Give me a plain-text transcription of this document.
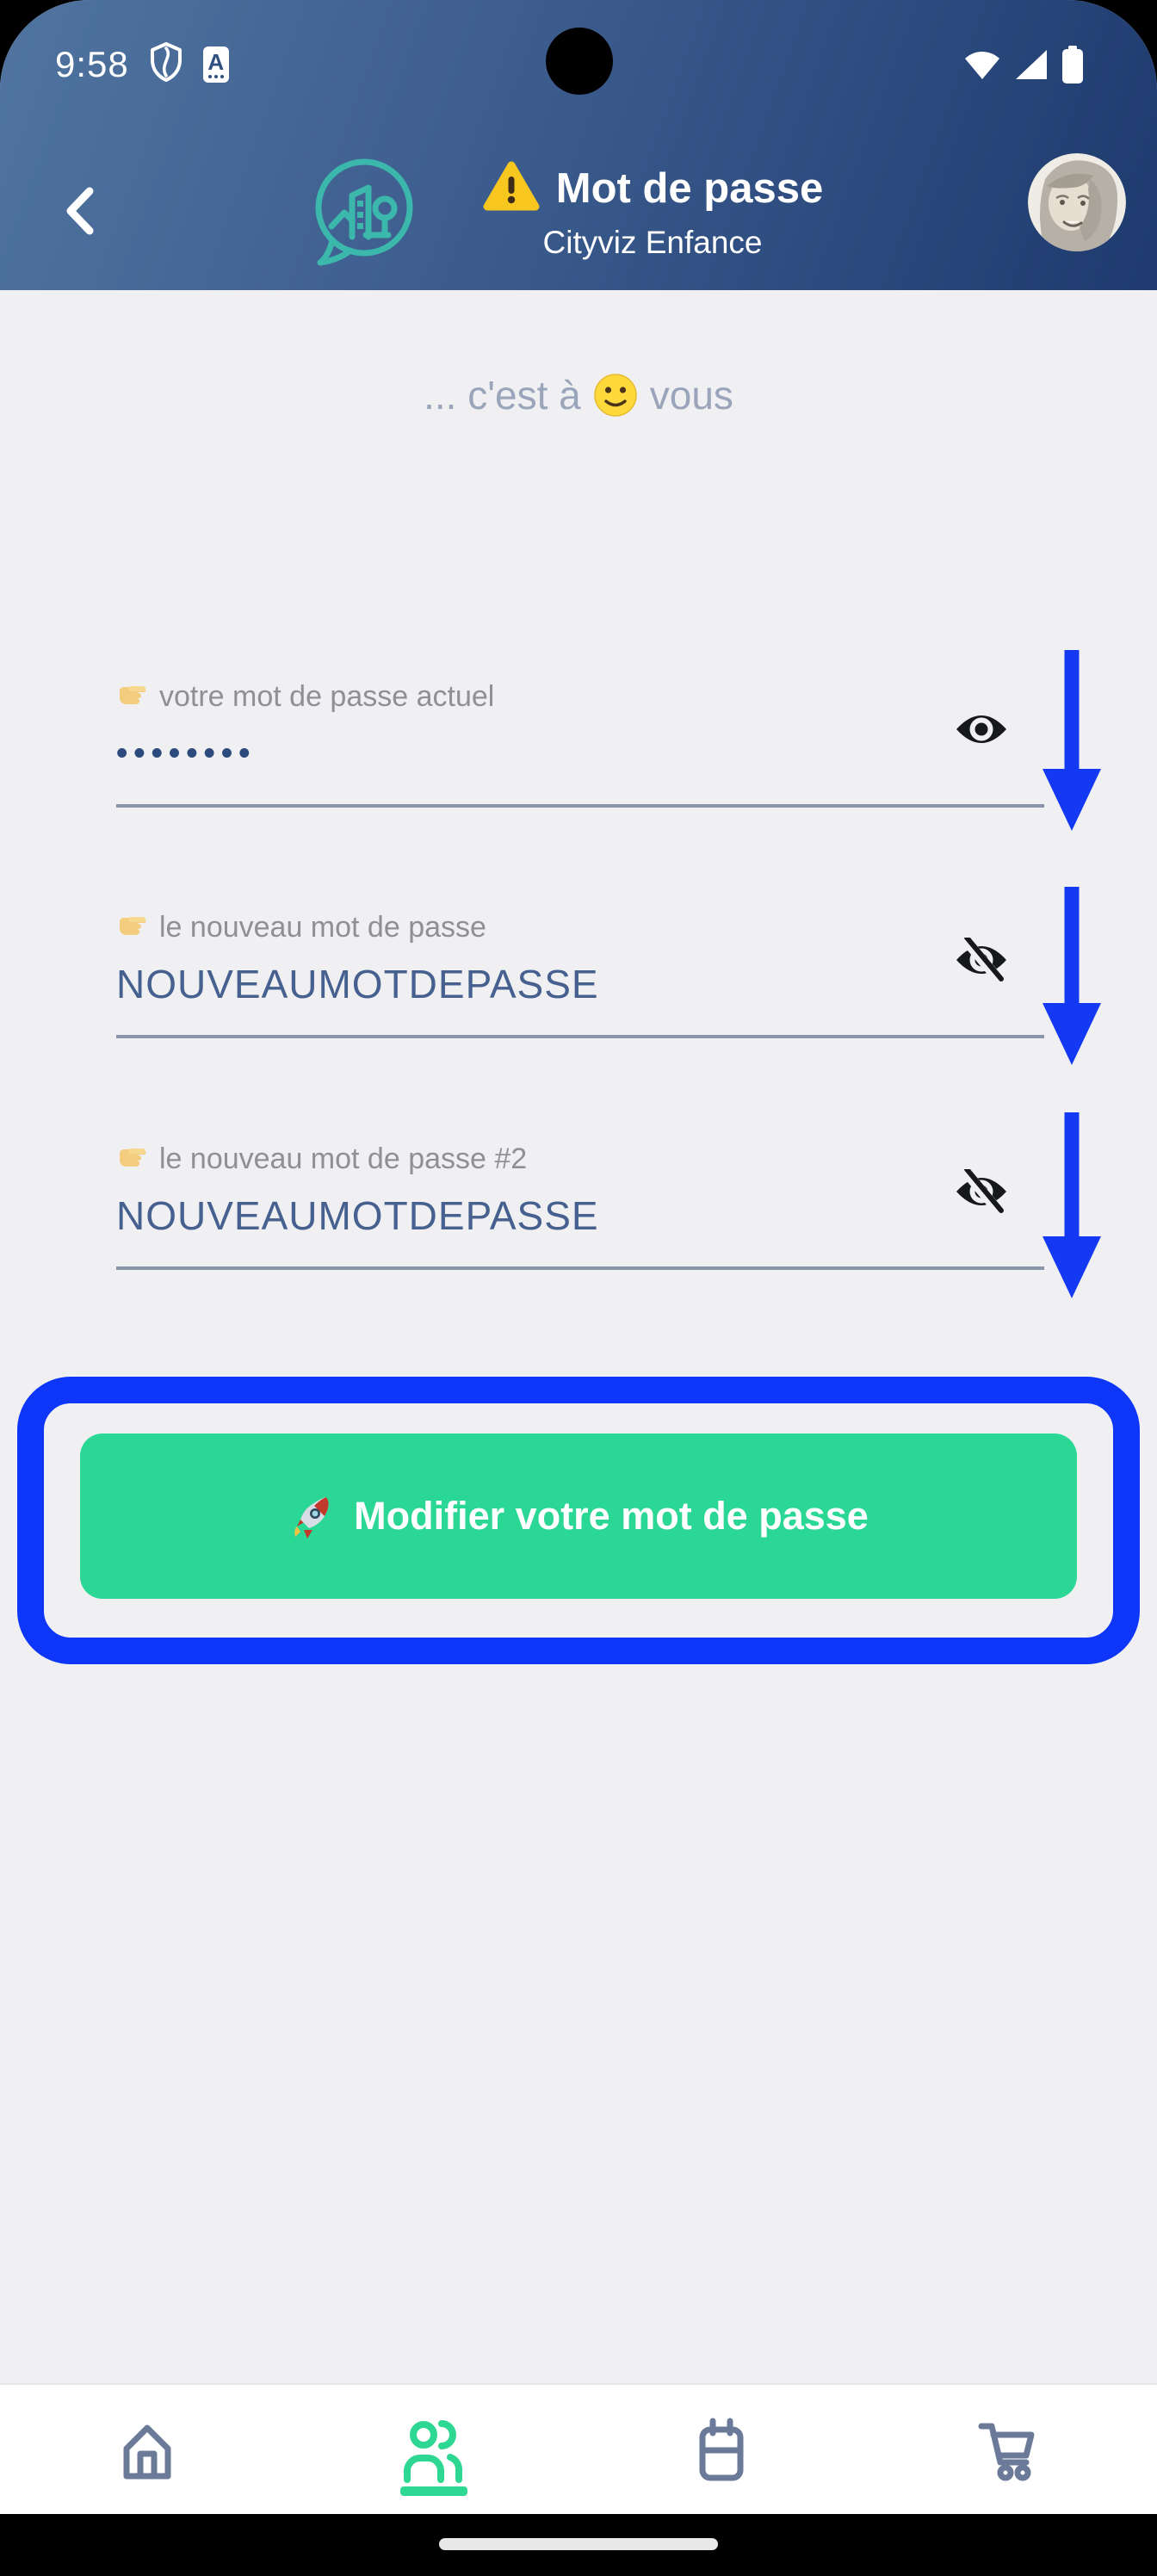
9:58	A
Mot de passe
Cityviz Enfance
... c'est à vous
votre mot de passe actuel
••••••••
le nouveau mot de passe
NOUVEAUMOTDEPASSE
le nouveau mot de passe #2
NOUVEAUMOTDEPASSE
Modifier votre mot de passe
